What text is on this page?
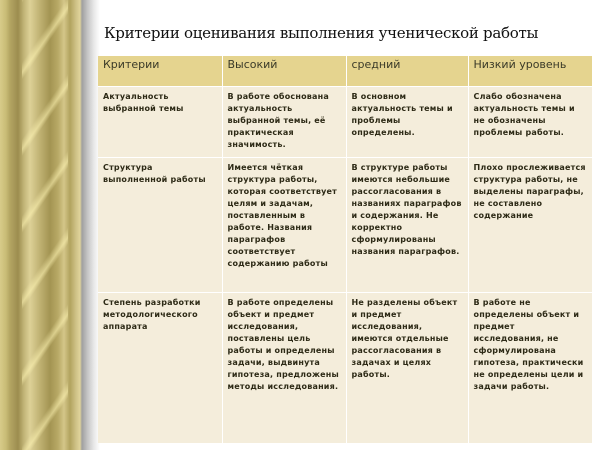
Критерии оценивания выполнения ученической работы
Критерии	Высокий	средний	Низкий уровень
Актуальность выбранной темы	В работе обоснована актуальность выбранной темы, её практическая значимость.	В основном актуальность темы и проблемы определены.	Слабо обозначена актуальность темы и не обозначены проблемы работы.
Структура выполненной работы	Имеется чёткая структура работы, которая соответствует целям и задачам, поставленным в работе. Названия параграфов соответствует содержанию работы	В структуре работы имеются небольшие рассогласования в названиях параграфов и содержания. Не корректно сформулированы названия параграфов.	Плохо прослеживается структура работы, не выделены параграфы, не составлено содержание
Степень разработки методологического аппарата	В работе определены объект и предмет исследования, поставлены цель работы и определены задачи, выдвинута гипотеза, предложены методы исследования.	Не разделены объект и предмет исследования, имеются отдельные рассогласования в задачах и целях работы.	В работе не определены объект и предмет исследования, не сформулирована гипотеза, практически не определены цели и задачи работы.
